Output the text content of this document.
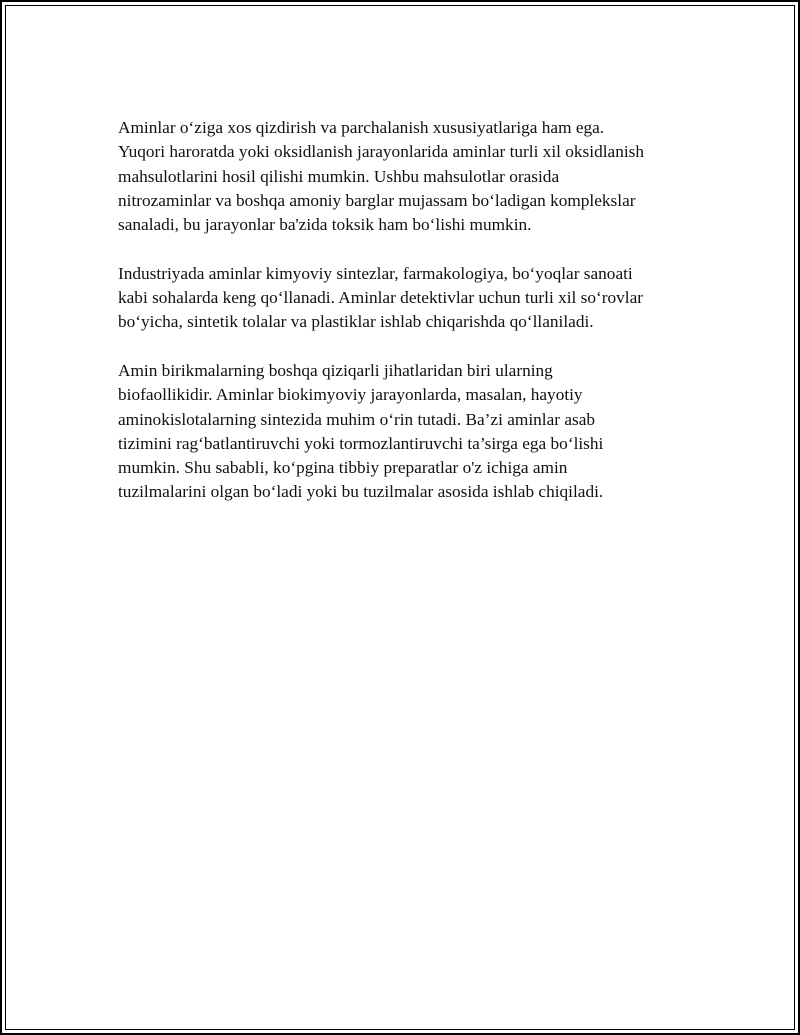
Aminlar o‘ziga xos qizdirish va parchalanish xususiyatlariga ham ega.
Yuqori haroratda yoki oksidlanish jarayonlarida aminlar turli xil oksidlanish
mahsulotlarini hosil qilishi mumkin. Ushbu mahsulotlar orasida
nitrozaminlar va boshqa amoniy barglar mujassam bo‘ladigan komplekslar
sanaladi, bu jarayonlar ba'zida toksik ham bo‘lishi mumkin.

Industriyada aminlar kimyoviy sintezlar, farmakologiya, bo‘yoqlar sanoati
kabi sohalarda keng qo‘llanadi. Aminlar detektivlar uchun turli xil so‘rovlar
bo‘yicha, sintetik tolalar va plastiklar ishlab chiqarishda qo‘llaniladi.

Amin birikmalarning boshqa qiziqarli jihatlaridan biri ularning
biofaollikidir. Aminlar biokimyoviy jarayonlarda, masalan, hayotiy
aminokislotalarning sintezida muhim o‘rin tutadi. Ba’zi aminlar asab
tizimini rag‘batlantiruvchi yoki tormozlantiruvchi ta’sirga ega bo‘lishi
mumkin. Shu sababli, ko‘pgina tibbiy preparatlar o'z ichiga amin
tuzilmalarini olgan bo‘ladi yoki bu tuzilmalar asosida ishlab chiqiladi.
